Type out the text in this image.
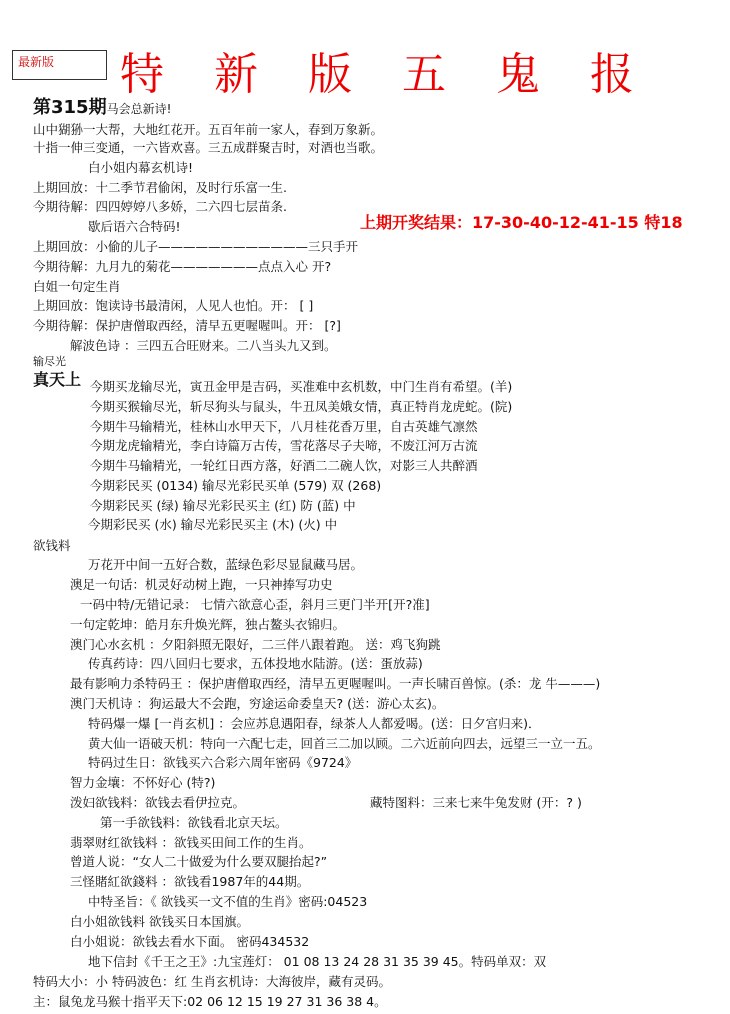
最新版	特 新 版 五 鬼 报
第315期马会总新诗!
上期开奖结果：17-30-40-12-41-15 特18
山中猢狲一大帮，大地红花开。五百年前一家人，春到万象新。
十指一伸三变通，一六皆欢喜。三五成群聚吉时，对酒也当歌。
白小姐内幕玄机诗!
上期回放：十二季节君偷闲，及时行乐富一生.
今期待解：四四婷婷八多娇，二六四七层苗条.
歇后语六合特码!
上期回放：小偷的儿子————————————三只手开
今期待解：九月九的菊花———————点点入心 开?
白姐一句定生肖
上期回放：饱读诗书最清闲，人见人也怕。开： [ ]
今期待解：保护唐僧取西经，清早五更喔喔叫。开： [?]
解波色诗 ：三四五合旺财来。二八当头九又到。
输尽光
真天上 今期买龙输尽光，寅丑金甲是吉码，买准难中玄机数，中门生肖有希望。(羊)
今期买猴输尽光，斩尽狗头与鼠头，牛丑凤美娥女情，真正特肖龙虎蛇。(院)
今期牛马输精光，桂林山水甲天下，八月桂花香万里，自古英雄气凛然
今期龙虎输精光，李白诗篇万古传，雪花落尽子夫啼，不废江河万古流
今期牛马输精光，一轮红日西方落，好酒二二碗人饮，对影三人共醉酒
今期彩民买 (0134) 输尽光彩民买单 (579) 双 (268)
今期彩民买 (绿) 输尽光彩民买主 (红) 防 (蓝) 中
今期彩民买 (水) 输尽光彩民买主 (木) (火) 中
欲钱料
万花开中间一五好合数，蓝绿色彩尽显鼠藏马居。
澳足一句话：机灵好动树上跑，一只神捧写功史
一码中特/无错记录： 七情六欲意心歪，斜月三更门半开[开?准]
一句定乾坤：皓月东升焕光辉，独占鳌头衣锦归。
澳门心水玄机 ：夕阳斜照无限好，二三伴八跟着跑。 送：鸡飞狗跳
传真药诗：四八回归七要求，五体投地水陆游。(送：蛋放蒜)
最有影响力杀特码王 ：保护唐僧取西经，清早五更喔喔叫。一声长啸百兽惊。(杀：龙 牛———)
澳门天机诗 ：狗运最大不会跑，穷途运命委皇天? (送：游心太玄)。
特码爆一爆 [一肖玄机] ：会应苏息遇阳春，绿茶人人都爱喝。(送：日夕宫归来)．
黄大仙一语破天机：特向一六配七走，回首三二加以顾。二六近前向四去，远望三一立一五。
特码过生日：欲钱买六合彩六周年密码《9724》
智力金壤：不怀好心 (特?)
泼妇欲钱料：欲钱去看伊拉克。	藏特图料：三来七来牛兔发财 (开：? )
第一手欲钱料：欲钱看北京天坛。
翡翠财红欲钱料 ：欲钱买田间工作的生肖。
曾道人说：“女人二十做爱为什么要双腿抬起?”
三怪賭紅欲錢料 ：欲钱看1987年的44期。
中特圣旨：《 欲钱买一文不值的生肖》密码:04523
白小姐欲钱料 欲钱买日本国旗。
白小姐说：欲钱去看水下面。 密码434532
地下信封《千王之王》:九宝莲灯： 01 08 13 24 28 31 35 39 45。特码单双：双
特码大小：小 特码波色：红 生肖玄机诗：大海彼岸，藏有灵码。
主：鼠兔龙马猴十指平天下:02 06 12 15 19 27 31 36 38 4。
